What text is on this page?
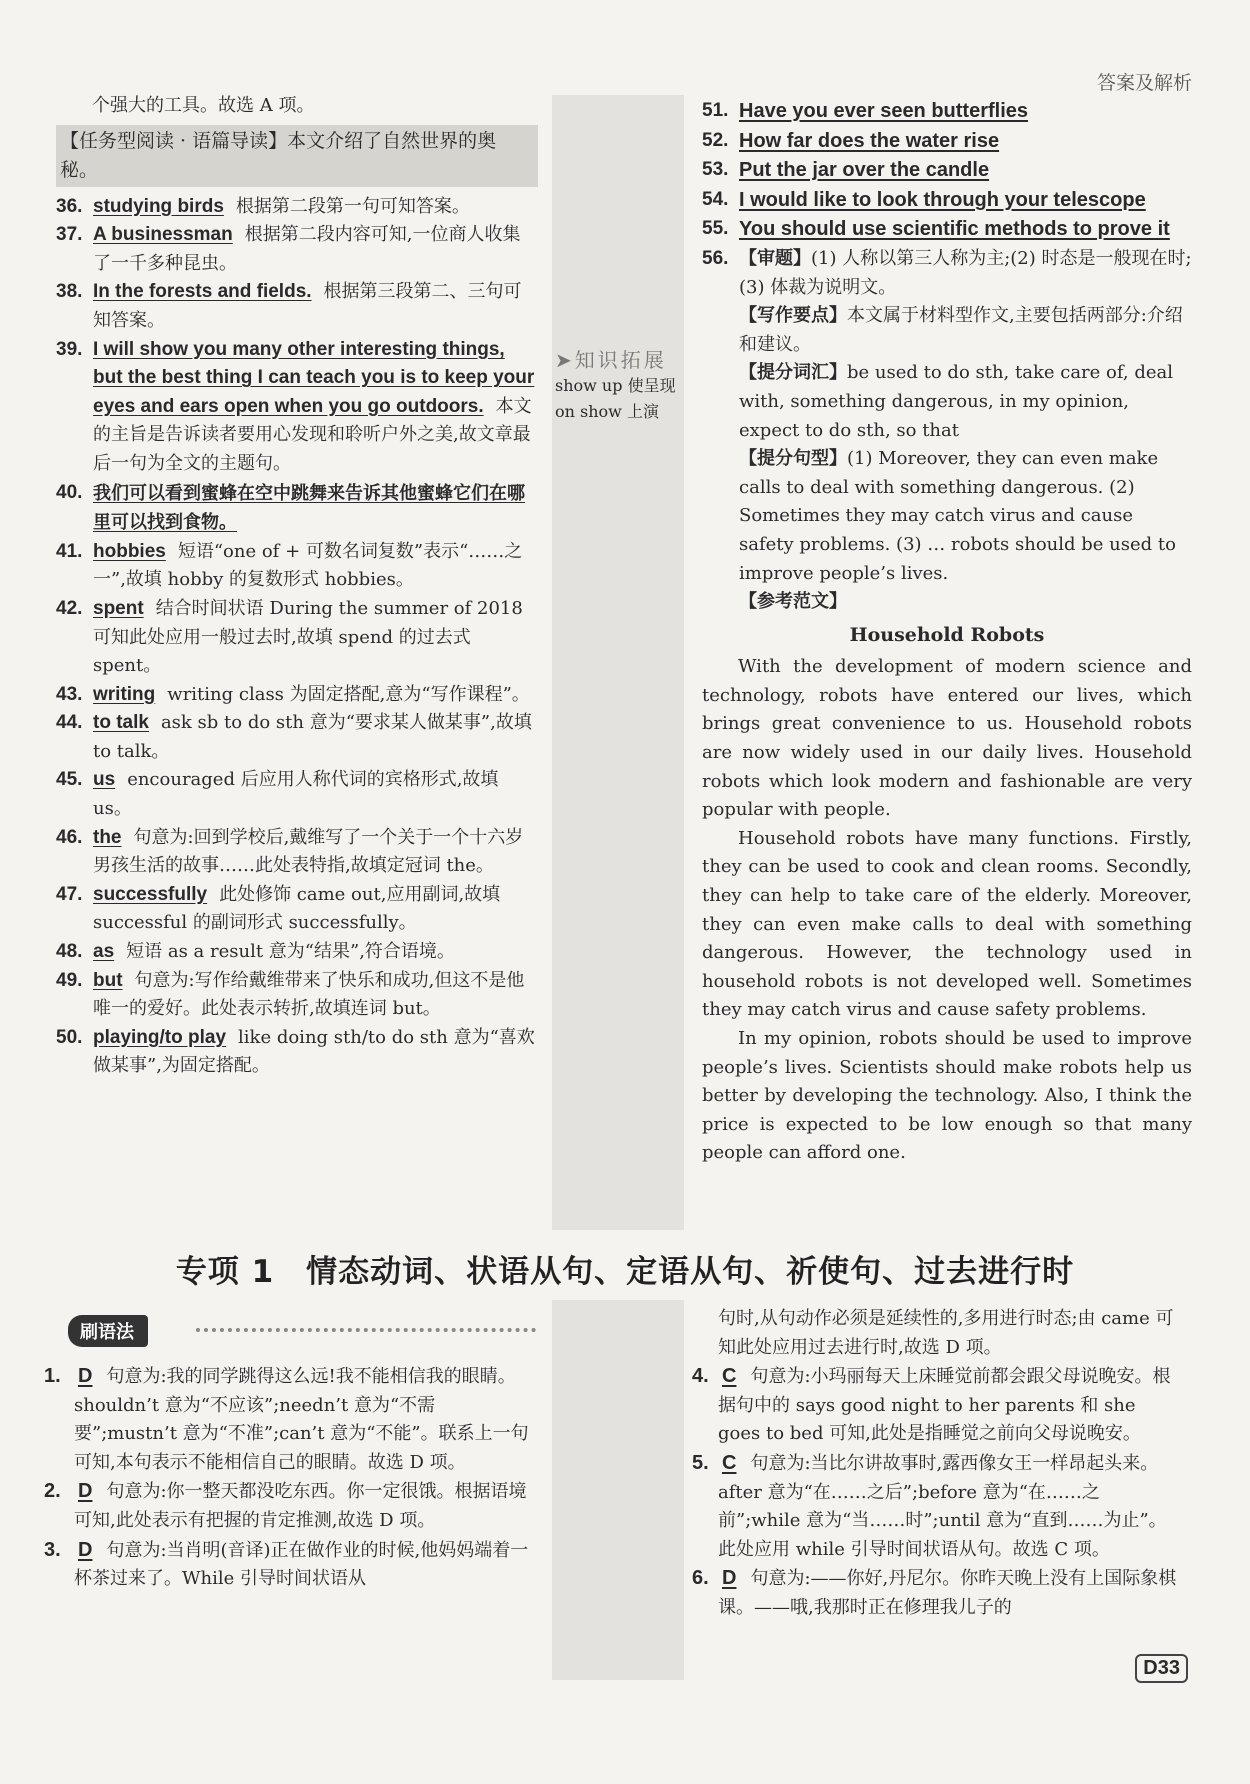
答案及解析
个强大的工具。故选 A 项。
【任务型阅读 · 语篇导读】本文介绍了自然世界的奥秘。
36. studying birds 根据第二段第一句可知答案。
37. A businessman 根据第二段内容可知,一位商人收集了一千多种昆虫。
38. In the forests and fields. 根据第三段第二、三句可知答案。
39. I will show you many other interesting things, but the best thing I can teach you is to keep your eyes and ears open when you go outdoors. 本文的主旨是告诉读者要用心发现和聆听户外之美,故文章最后一句为全文的主题句。
40. 我们可以看到蜜蜂在空中跳舞来告诉其他蜜蜂它们在哪里可以找到食物。
41. hobbies 短语“one of + 可数名词复数”表示“……之一”,故填 hobby 的复数形式 hobbies。
42. spent 结合时间状语 During the summer of 2018 可知此处应用一般过去时,故填 spend 的过去式 spent。
43. writing writing class 为固定搭配,意为“写作课程”。
44. to talk ask sb to do sth 意为“要求某人做某事”,故填 to talk。
45. us encouraged 后应用人称代词的宾格形式,故填 us。
46. the 句意为:回到学校后,戴维写了一个关于一个十六岁男孩生活的故事……此处表特指,故填定冠词 the。
47. successfully 此处修饰 came out,应用副词,故填 successful 的副词形式 successfully。
48. as 短语 as a result 意为“结果”,符合语境。
49. but 句意为:写作给戴维带来了快乐和成功,但这不是他唯一的爱好。此处表示转折,故填连词 but。
50. playing/to play like doing sth/to do sth 意为“喜欢做某事”,为固定搭配。
➤知识拓展
show up 使呈现
on show 上演
51. Have you ever seen butterflies
52. How far does the water rise
53. Put the jar over the candle
54. I would like to look through your telescope
55. You should use scientific methods to prove it
56. 【审题】(1) 人称以第三人称为主;(2) 时态是一般现在时;(3) 体裁为说明文。
【写作要点】本文属于材料型作文,主要包括两部分:介绍和建议。
【提分词汇】be used to do sth, take care of, deal with, something dangerous, in my opinion, expect to do sth, so that
【提分句型】(1) Moreover, they can even make calls to deal with something dangerous. (2) Sometimes they may catch virus and cause safety problems. (3) … robots should be used to improve people’s lives.
【参考范文】
Household Robots

With the development of modern science and technology, robots have entered our lives, which brings great convenience to us. Household robots are now widely used in our daily lives. Household robots which look modern and fashionable are very popular with people.

Household robots have many functions. Firstly, they can be used to cook and clean rooms. Secondly, they can help to take care of the elderly. Moreover, they can even make calls to deal with something dangerous. However, the technology used in household robots is not developed well. Sometimes they may catch virus and cause safety problems.

In my opinion, robots should be used to improve people’s lives. Scientists should make robots help us better by developing the technology. Also, I think the price is expected to be low enough so that many people can afford one.

专项 1　情态动词、状语从句、定语从句、祈使句、过去进行时
刷语法
1. D 句意为:我的同学跳得这么远!我不能相信我的眼睛。shouldn’t 意为“不应该”;needn’t 意为“不需要”;mustn’t 意为“不准”;can’t 意为“不能”。联系上一句可知,本句表示不能相信自己的眼睛。故选 D 项。
2. D 句意为:你一整天都没吃东西。你一定很饿。根据语境可知,此处表示有把握的肯定推测,故选 D 项。
3. D 句意为:当肖明(音译)正在做作业的时候,他妈妈端着一杯茶过来了。While 引导时间状语从
句时,从句动作必须是延续性的,多用进行时态;由 came 可知此处应用过去进行时,故选 D 项。
4. C 句意为:小玛丽每天上床睡觉前都会跟父母说晚安。根据句中的 says good night to her parents 和 she goes to bed 可知,此处是指睡觉之前向父母说晚安。
5. C 句意为:当比尔讲故事时,露西像女王一样昂起头来。after 意为“在……之后”;before 意为“在……之前”;while 意为“当……时”;until 意为“直到……为止”。此处应用 while 引导时间状语从句。故选 C 项。
6. D 句意为:——你好,丹尼尔。你昨天晚上没有上国际象棋课。——哦,我那时正在修理我儿子的
D33
